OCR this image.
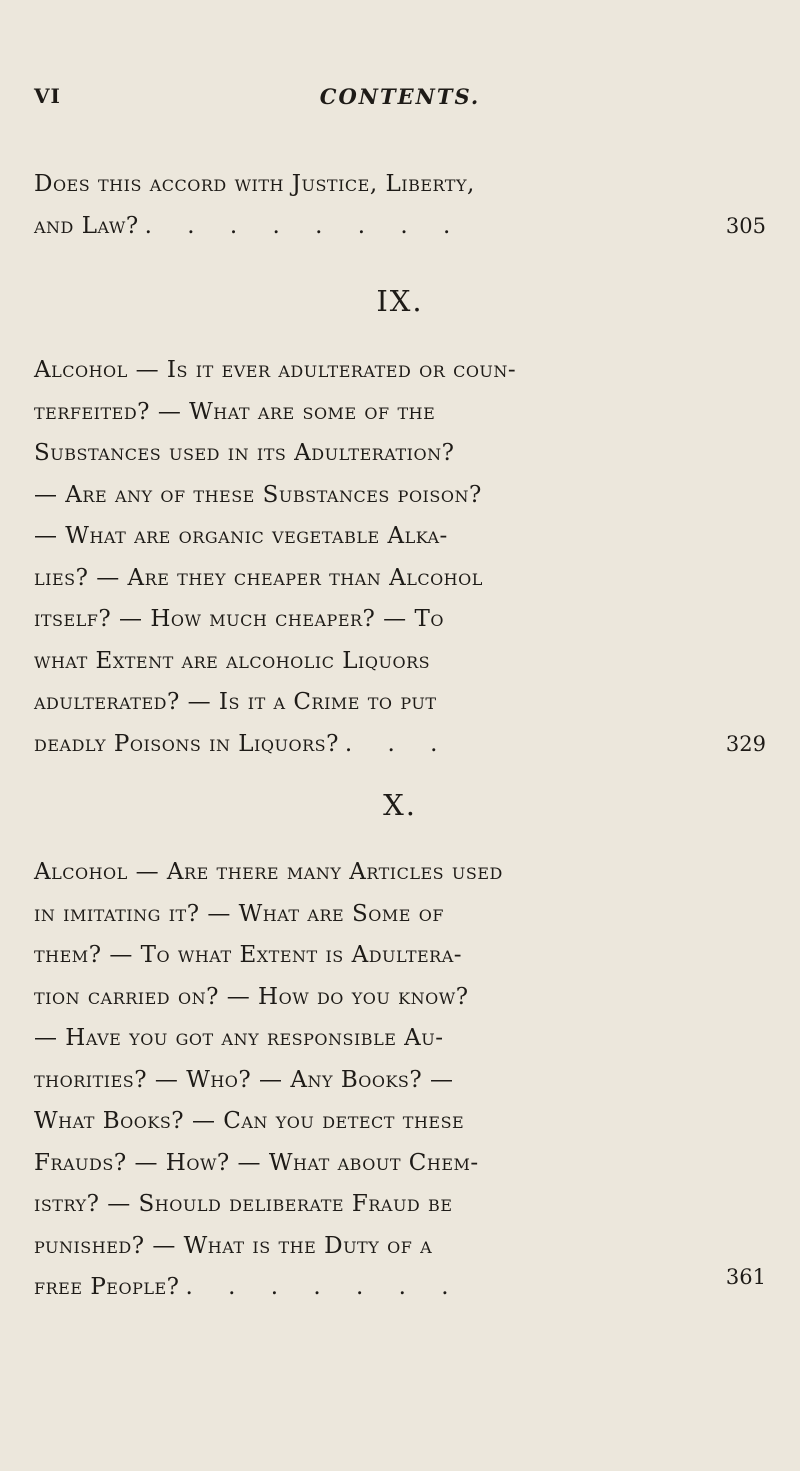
VI	CONTENTS.
Does this accord with Justice, Liberty,
and Law? . . . . . . . .	305
IX.
Alcohol — Is it ever adulterated or coun-
terfeited? — What are some of the
Substances used in its Adulteration?
— Are any of these Substances poison?
— What are organic vegetable Alka-
lies? — Are they cheaper than Alcohol
itself? — How much cheaper? — To
what Extent are alcoholic Liquors
adulterated? — Is it a Crime to put
deadly Poisons in Liquors? . . .	329
X.
Alcohol — Are there many Articles used
in imitating it? — What are Some of
them? — To what Extent is Adultera-
tion carried on? — How do you know?
— Have you got any responsible Au-
thorities? — Who? — Any Books? —
What Books? — Can you detect these
Frauds? — How? — What about Chem-
istry? — Should deliberate Fraud be
punished? — What is the Duty of a
free People? . . . . . . .	361
